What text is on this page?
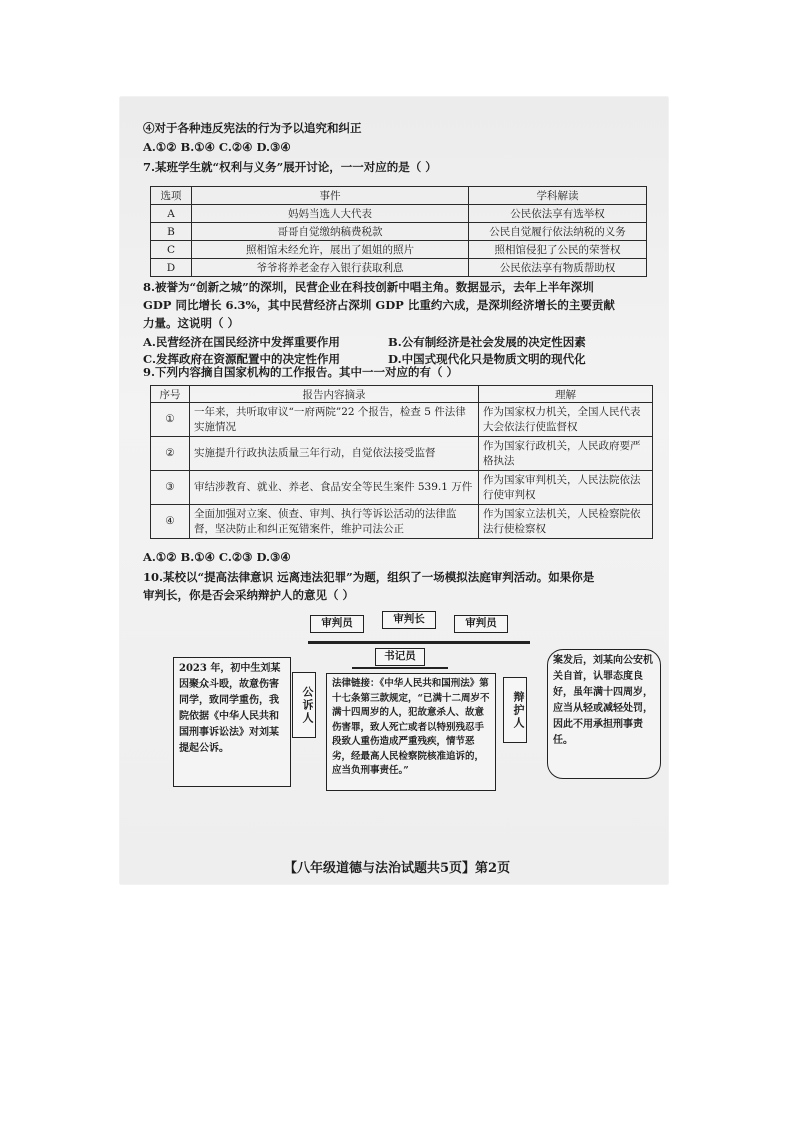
④对于各种违反宪法的行为予以追究和纠正
A.①② B.①④ C.②④ D.③④
7.某班学生就“权利与义务”展开讨论，一一对应的是（ ）
选项	事件	学科解读
A	妈妈当选人大代表	公民依法享有选举权
B	哥哥自觉缴纳稿费税款	公民自觉履行依法纳税的义务
C	照相馆未经允许，展出了姐姐的照片	照相馆侵犯了公民的荣誉权
D	爷爷将养老金存入银行获取利息	公民依法享有物质帮助权
8.被誉为“创新之城”的深圳，民营企业在科技创新中唱主角。数据显示，去年上半年深圳
GDP 同比增长 6.3%，其中民营经济占深圳 GDP 比重约六成，是深圳经济增长的主要贡献
力量。这说明（ ）
A.民营经济在国民经济中发挥重要作用	B.公有制经济是社会发展的决定性因素
C.发挥政府在资源配置中的决定性作用	D.中国式现代化只是物质文明的现代化
9.下列内容摘自国家机构的工作报告。其中一一对应的有（ ）
序号	报告内容摘录	理解
①	一年来，共听取审议“一府两院”22 个报告，检查 5 件法律实施情况	作为国家权力机关，全国人民代表大会依法行使监督权
②	实施提升行政执法质量三年行动，自觉依法接受监督	作为国家行政机关，人民政府要严格执法
③	审结涉教育、就业、养老、食品安全等民生案件 539.1 万件	作为国家审判机关，人民法院依法行使审判权
④	全面加强对立案、侦查、审判、执行等诉讼活动的法律监督，坚决防止和纠正冤错案件，维护司法公正	作为国家立法机关，人民检察院依法行使检察权
A.①② B.①④ C.②③ D.③④
10.某校以“提高法律意识 远离违法犯罪”为题，组织了一场模拟法庭审判活动。如果你是
审判长，你是否会采纳辩护人的意见（ ）
审判员	审判长	审判员
书记员
2023 年，初中生刘某因聚众斗殴，故意伤害同学，致同学重伤，我院依据《中华人民共和国刑事诉讼法》对刘某提起公诉。
公诉人
法律链接：《中华人民共和国刑法》第十七条第三款规定，“已满十二周岁不满十四周岁的人，犯故意杀人、故意伤害罪，致人死亡或者以特别残忍手段致人重伤造成严重残疾，情节恶劣，经最高人民检察院核准追诉的，应当负刑事责任。”
辩护人
案发后，刘某向公安机关自首，认罪态度良好，虽年满十四周岁，应当从轻或减轻处罚，因此不用承担刑事责任。
【八年级道德与法治试题共5页】第2页
